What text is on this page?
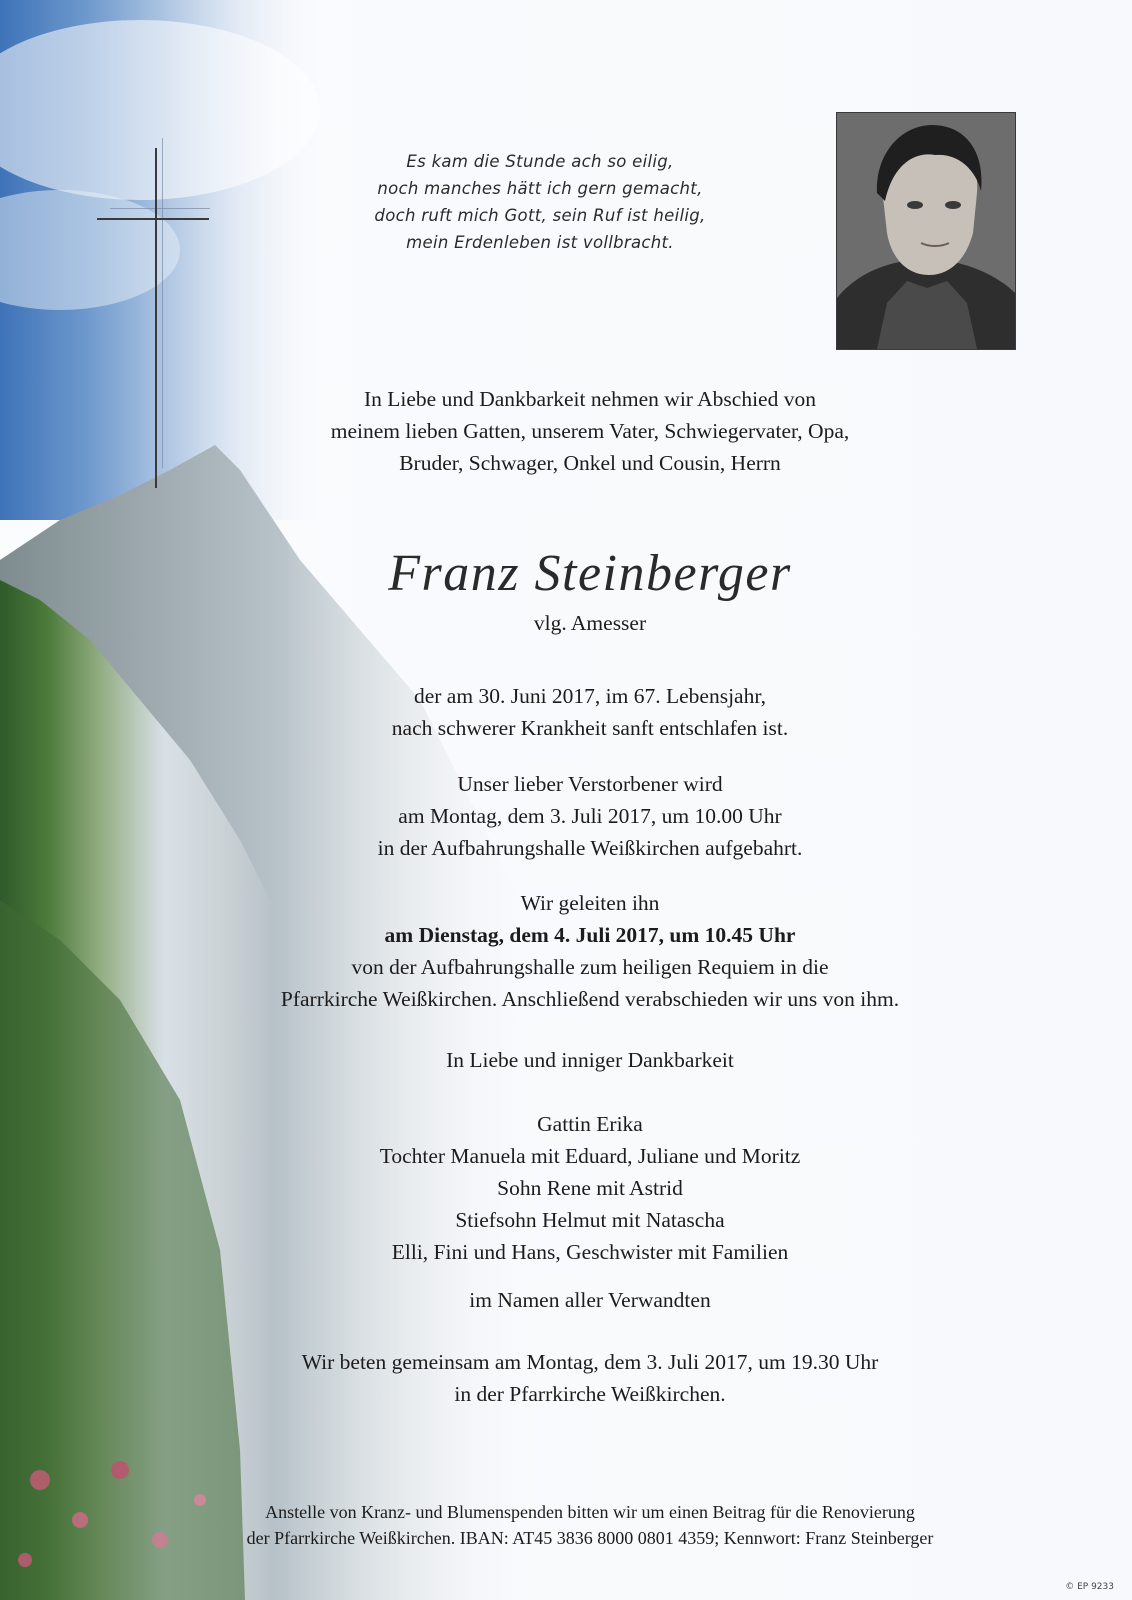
Es kam die Stunde ach so eilig,
noch manches hätt ich gern gemacht,
doch ruft mich Gott, sein Ruf ist heilig,
mein Erdenleben ist vollbracht.
In Liebe und Dankbarkeit nehmen wir Abschied von
meinem lieben Gatten, unserem Vater, Schwiegervater, Opa,
Bruder, Schwager, Onkel und Cousin, Herrn
Franz Steinberger
vlg. Amesser
der am 30. Juni 2017, im 67. Lebensjahr,
nach schwerer Krankheit sanft entschlafen ist.
Unser lieber Verstorbener wird
am Montag, dem 3. Juli 2017, um 10.00 Uhr
in der Aufbahrungshalle Weißkirchen aufgebahrt.
Wir geleiten ihn
am Dienstag, dem 4. Juli 2017, um 10.45 Uhr
von der Aufbahrungshalle zum heiligen Requiem in die
Pfarrkirche Weißkirchen. Anschließend verabschieden wir uns von ihm.
In Liebe und inniger Dankbarkeit
Gattin Erika
Tochter Manuela mit Eduard, Juliane und Moritz
Sohn Rene mit Astrid
Stiefsohn Helmut mit Natascha
Elli, Fini und Hans, Geschwister mit Familien
im Namen aller Verwandten
Wir beten gemeinsam am Montag, dem 3. Juli 2017, um 19.30 Uhr
in der Pfarrkirche Weißkirchen.
Anstelle von Kranz- und Blumenspenden bitten wir um einen Beitrag für die Renovierung
der Pfarrkirche Weißkirchen. IBAN: AT45 3836 8000 0801 4359; Kennwort: Franz Steinberger
© EP 9233
